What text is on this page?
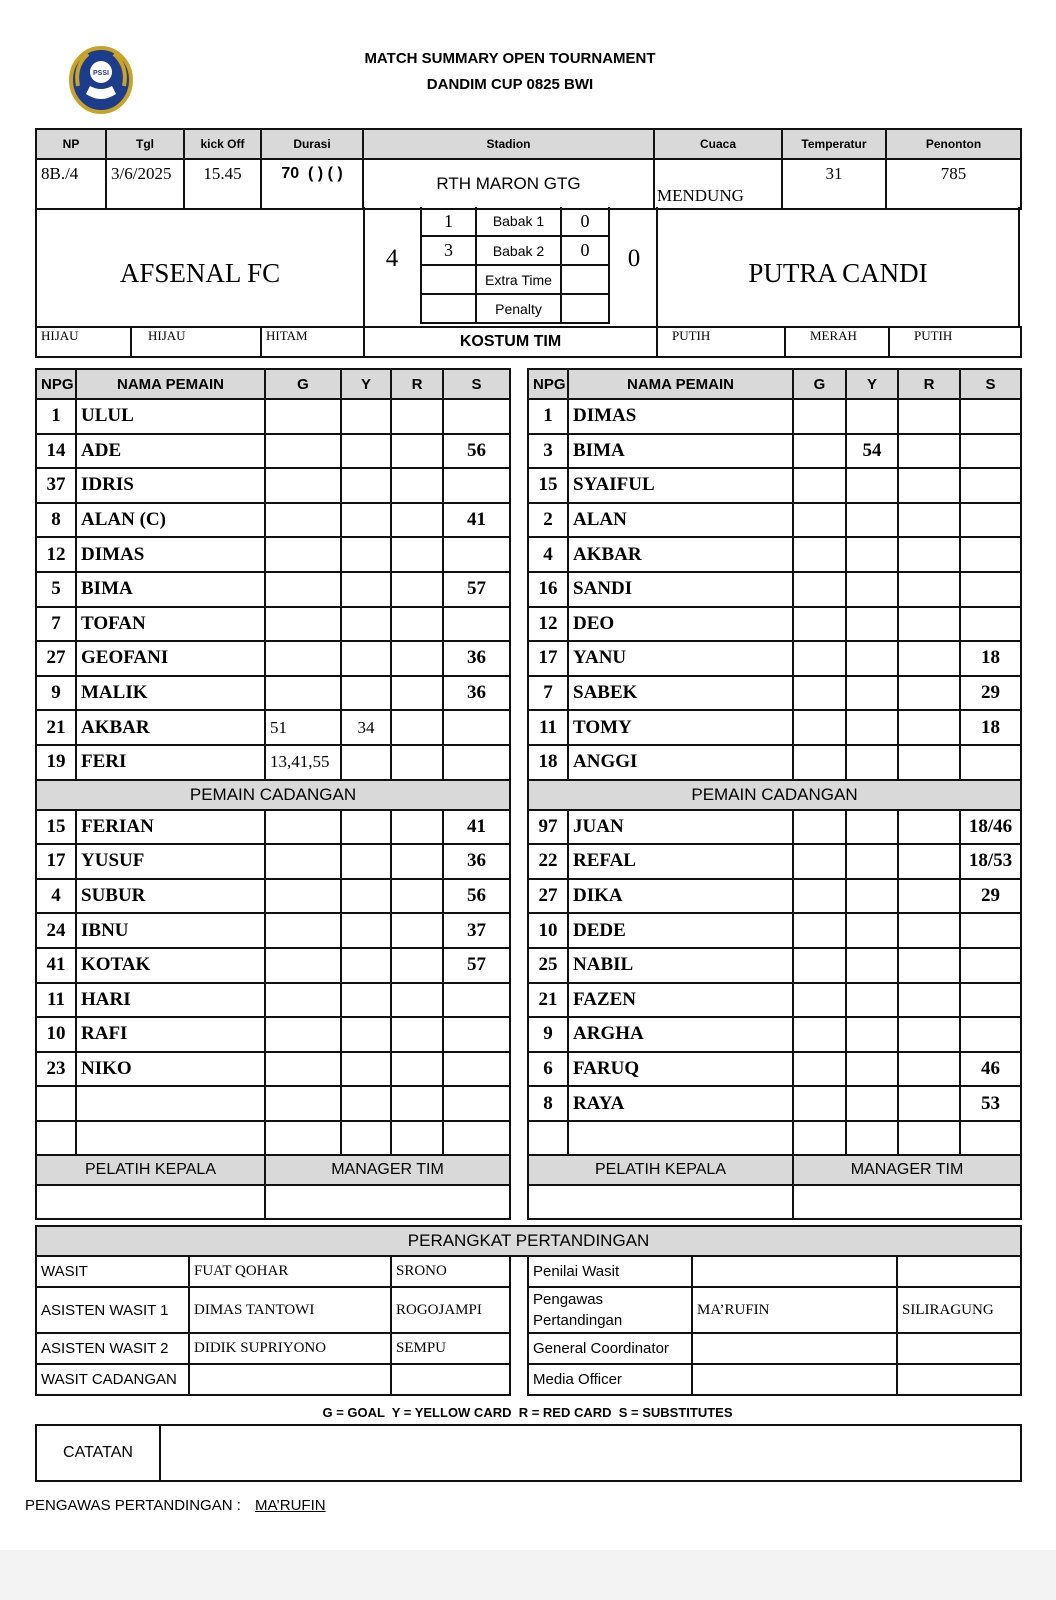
PSSI
MATCH SUMMARY OPEN TOURNAMENT
DANDIM CUP 0825 BWI
NP	Tgl	kick Off	Durasi	Stadion	Cuaca	Temperatur	Penonton
8B./4	3/6/2025	15.45	70  ( ) ( )	RTH MARON GTG	MENDUNG	31	785
AFSENAL FC	PUTRA CANDI
4	0
1	Babak 1	0
3	Babak 2	0
	Extra Time	
	Penalty	
HIJAU	HIJAU	HITAM	KOSTUM TIM	PUTIH	MERAH	PUTIH
NPG	NAMA PEMAIN	G	Y	R	S
1	ULUL				
14	ADE				56
37	IDRIS				
8	ALAN (C)				41
12	DIMAS				
5	BIMA				57
7	TOFAN				
27	GEOFANI				36
9	MALIK				36
21	AKBAR	51	34		
19	FERI	13,41,55			
PEMAIN CADANGAN					
15	FERIAN				41
17	YUSUF				36
4	SUBUR				56
24	IBNU				37
41	KOTAK				57
11	HARI				
10	RAFI				
23	NIKO				

PELATIH KEPALA		MANAGER TIM			

NPG	NAMA PEMAIN	G	Y	R	S
1	DIMAS				
3	BIMA		54		
15	SYAIFUL				
2	ALAN				
4	AKBAR				
16	SANDI				
12	DEO				
17	YANU				18
7	SABEK				29
11	TOMY				18
18	ANGGI				
PEMAIN CADANGAN					
97	JUAN				18/46
22	REFAL				18/53
27	DIKA				29
10	DEDE				
25	NABIL				
21	FAZEN				
9	ARGHA				
6	FARUQ				46
8	RAYA				53

PELATIH KEPALA		MANAGER TIM			

PERANGKAT PERTANDINGAN						
WASIT	FUAT QOHAR	SRONO		Penilai Wasit		
ASISTEN WASIT 1	DIMAS TANTOWI	ROGOJAMPI		Pengawas Pertandingan	MA’RUFIN	SILIRAGUNG
ASISTEN WASIT 2	DIDIK SUPRIYONO	SEMPU		General Coordinator		
WASIT CADANGAN				Media Officer		
G = GOAL  Y = YELLOW CARD  R = RED CARD  S = SUBSTITUTES
CATATAN	
PENGAWAS PERTANDINGAN : MA’RUFIN
